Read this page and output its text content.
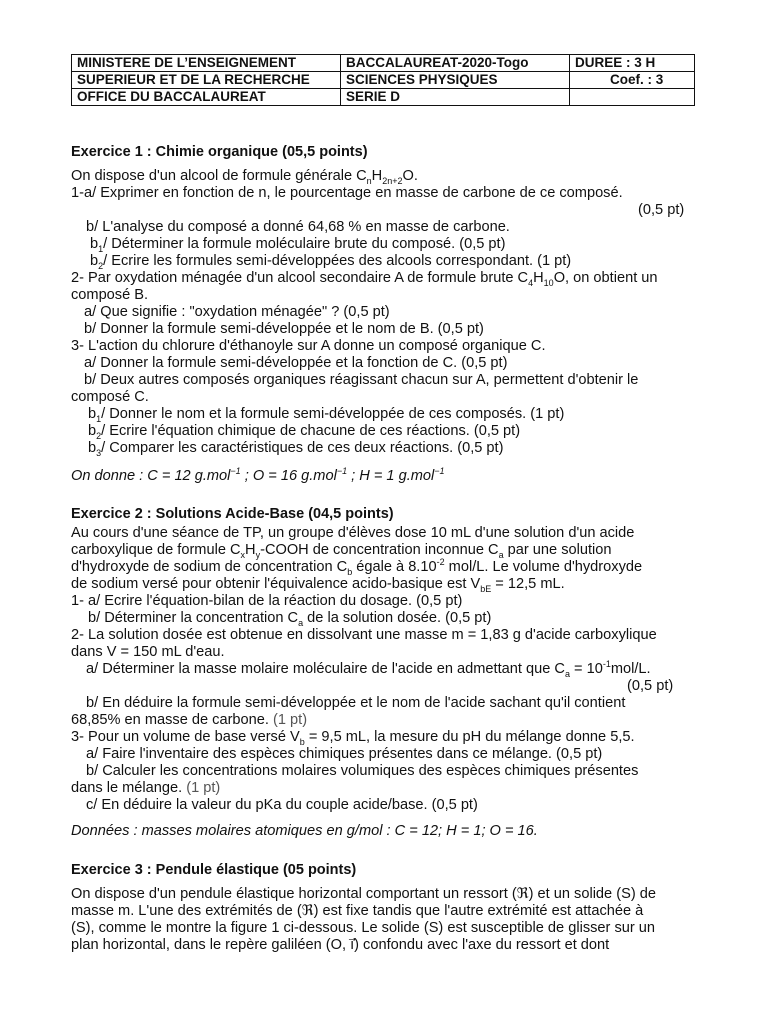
MINISTERE DE L’ENSEIGNEMENT	BACCALAUREAT-2020-Togo	DUREE : 3 H
SUPERIEUR ET DE LA RECHERCHE	SCIENCES PHYSIQUES	Coef. : 3
OFFICE DU BACCALAUREAT	SERIE D	
Exercice 1 : Chimie organique (05,5 points)
On dispose d'un alcool de formule générale $C_nH_{2n+2}O$.
1-a/ Exprimer en fonction de n, le pourcentage en masse de carbone de ce composé.
(0,5 pt)
b/ L'analyse du composé a donné 64,68 % en masse de carbone.
$b_1/$ Déterminer la formule moléculaire brute du composé. (0,5 pt)
$b_2/$ Ecrire les formules semi-développées des alcools correspondant. (1 pt)
2- Par oxydation ménagée d'un alcool secondaire A de formule brute $C_4H_{10}O$, on obtient un
composé B.
a/ Que signifie : "oxydation ménagée" ? (0,5 pt)
b/ Donner la formule semi-développée et le nom de B. (0,5 pt)
3- L'action du chlorure d'éthanoyle sur A donne un composé organique C.
a/ Donner la formule semi-développée et la fonction de C. (0,5 pt)
b/ Deux autres composés organiques réagissant chacun sur A, permettent d'obtenir le
composé C.
$b_1/$ Donner le nom et la formule semi-développée de ces composés. (1 pt)
$b_2/$ Ecrire l'équation chimique de chacune de ces réactions. (0,5 pt)
$b_3/$ Comparer les caractéristiques de ces deux réactions. (0,5 pt)
On donne : C = 12 g.mol$^{-1}$ ; O = 16 g.mol$^{-1}$ ; H = 1 g.mol$^{-1}$
Exercice 2 : Solutions Acide-Base (04,5 points)
Au cours d'une séance de TP, un groupe d'élèves dose 10 mL d'une solution d'un acide
carboxylique de formule $C_xH_y$-COOH de concentration inconnue $C_a$ par une solution
d'hydroxyde de sodium de concentration $C_b$ égale à $8.10^{-2}$ mol/L. Le volume d'hydroxyde
de sodium versé pour obtenir l'équivalence acido-basique est $V_{bE} = 12,5$ mL.
1- a/ Ecrire l'équation-bilan de la réaction du dosage. (0,5 pt)
b/ Déterminer la concentration $C_a$ de la solution dosée. (0,5 pt)
2- La solution dosée est obtenue en dissolvant une masse m = 1,83 g d'acide carboxylique
dans V = 150 mL d'eau.
a/ Déterminer la masse molaire moléculaire de l'acide en admettant que $C_a = 10^{-1}mol/L$.
(0,5 pt)
b/ En déduire la formule semi-développée et le nom de l'acide sachant qu'il contient
68,85% en masse de carbone. (1 pt)
3- Pour un volume de base versé $V_b = 9,5$ mL, la mesure du pH du mélange donne 5,5.
a/ Faire l'inventaire des espèces chimiques présentes dans ce mélange. (0,5 pt)
b/ Calculer les concentrations molaires volumiques des espèces chimiques présentes
dans le mélange. (1 pt)
c/ En déduire la valeur du pKa du couple acide/base. (0,5 pt)
Données : masses molaires atomiques en g/mol : C = 12; H = 1; O = 16.
Exercice 3 : Pendule élastique (05 points)
On dispose d'un pendule élastique horizontal comportant un ressort (ℜ) et un solide (S) de
masse m. L'une des extrémités de (ℜ) est fixe tandis que l'autre extrémité est attachée à
(S), comme le montre la figure 1 ci-dessous. Le solide (S) est susceptible de glisser sur un
plan horizontal, dans le repère galiléen (O, i⃗) confondu avec l'axe du ressort et dont
